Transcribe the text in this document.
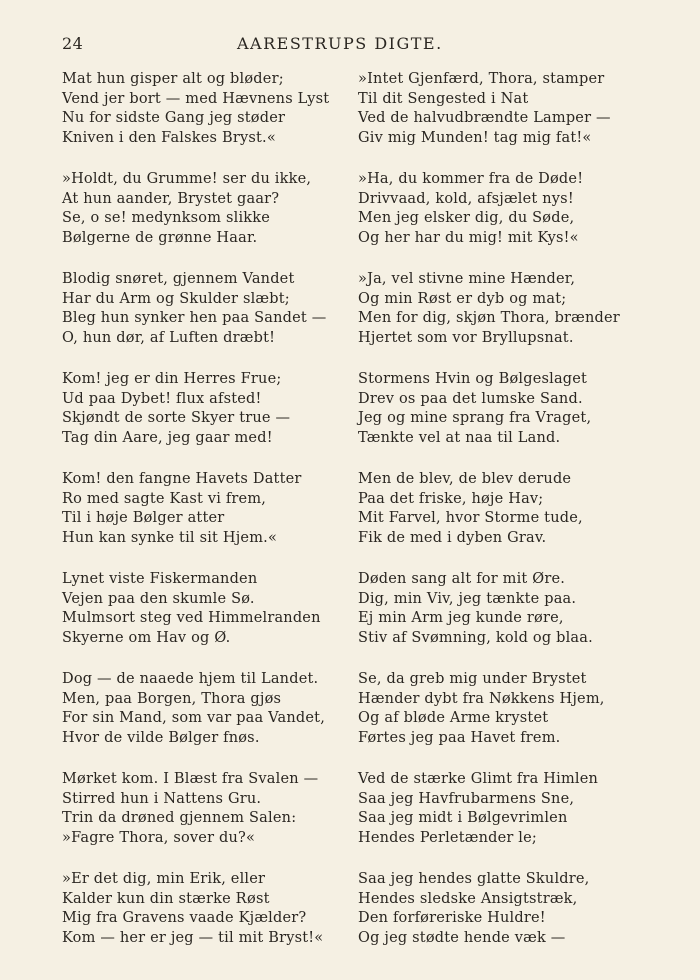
24	AARESTRUPS DIGTE.
Mat hun gisper alt og bløder;
Vend jer bort — med Hævnens Lyst
Nu for sidste Gang jeg støder
Kniven i den Falskes Bryst.«
»Holdt, du Grumme! ser du ikke,
At hun aander, Brystet gaar?
Se, o se! medynksom slikke
Bølgerne de grønne Haar.
Blodig snøret, gjennem Vandet
Har du Arm og Skulder slæbt;
Bleg hun synker hen paa Sandet —
O, hun dør, af Luften dræbt!
Kom! jeg er din Herres Frue;
Ud paa Dybet! flux afsted!
Skjøndt de sorte Skyer true —
Tag din Aare, jeg gaar med!
Kom! den fangne Havets Datter
Ro med sagte Kast vi frem,
Til i høje Bølger atter
Hun kan synke til sit Hjem.«
Lynet viste Fiskermanden
Vejen paa den skumle Sø.
Mulmsort steg ved Himmelranden
Skyerne om Hav og Ø.
Dog — de naaede hjem til Landet.
Men, paa Borgen, Thora gjøs
For sin Mand, som var paa Vandet,
Hvor de vilde Bølger fnøs.
Mørket kom. I Blæst fra Svalen —
Stirred hun i Nattens Gru.
Trin da drøned gjennem Salen:
»Fagre Thora, sover du?«
»Er det dig, min Erik, eller
Kalder kun din stærke Røst
Mig fra Gravens vaade Kjælder?
Kom — her er jeg — til mit Bryst!«
»Intet Gjenfærd, Thora, stamper
Til dit Sengested i Nat
Ved de halvudbrændte Lamper —
Giv mig Munden! tag mig fat!«
»Ha, du kommer fra de Døde!
Drivvaad, kold, afsjælet nys!
Men jeg elsker dig, du Søde,
Og her har du mig! mit Kys!«
»Ja, vel stivne mine Hænder,
Og min Røst er dyb og mat;
Men for dig, skjøn Thora, brænder
Hjertet som vor Bryllupsnat.
Stormens Hvin og Bølgeslaget
Drev os paa det lumske Sand.
Jeg og mine sprang fra Vraget,
Tænkte vel at naa til Land.
Men de blev, de blev derude
Paa det friske, høje Hav;
Mit Farvel, hvor Storme tude,
Fik de med i dyben Grav.
Døden sang alt for mit Øre.
Dig, min Viv, jeg tænkte paa.
Ej min Arm jeg kunde røre,
Stiv af Svømning, kold og blaa.
Se, da greb mig under Brystet
Hænder dybt fra Nøkkens Hjem,
Og af bløde Arme krystet
Førtes jeg paa Havet frem.
Ved de stærke Glimt fra Himlen
Saa jeg Havfrubarmens Sne,
Saa jeg midt i Bølgevrimlen
Hendes Perletænder le;
Saa jeg hendes glatte Skuldre,
Hendes sledske Ansigtstræk,
Den forføreriske Huldre!
Og jeg stødte hende væk —
